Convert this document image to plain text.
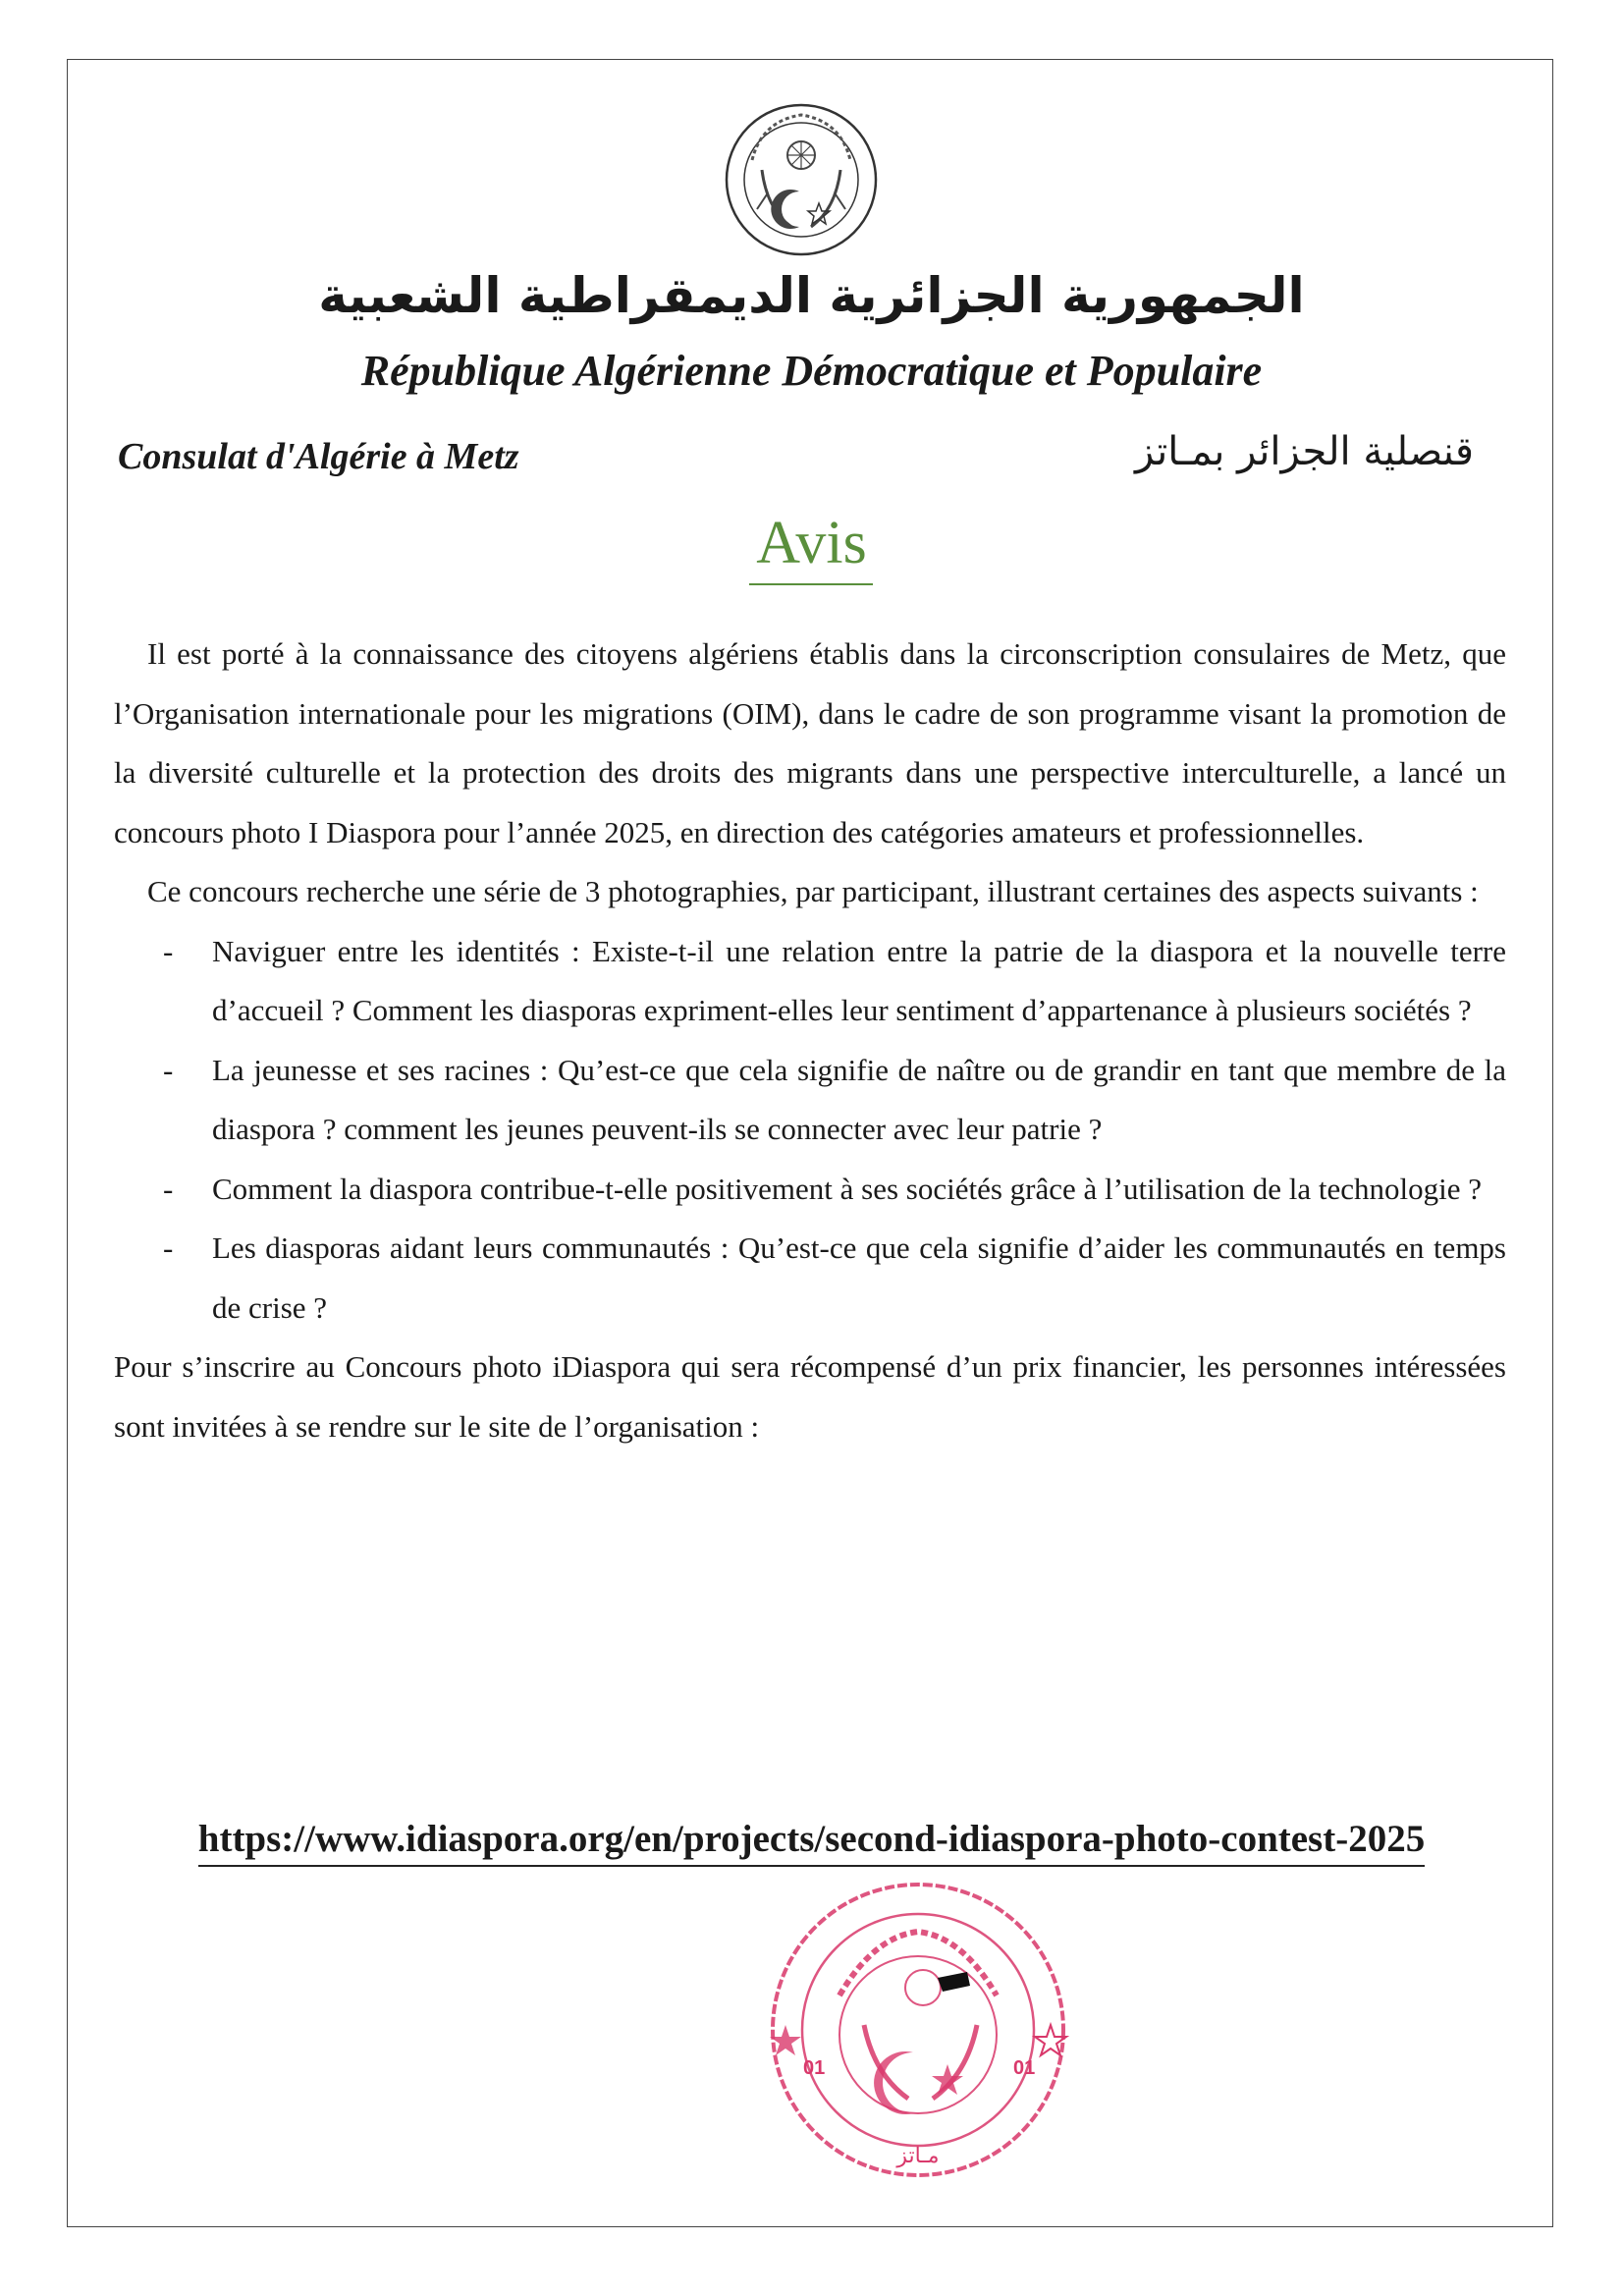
الجمهورية الجزائرية الديمقراطية الشعبية
République Algérienne Démocratique et Populaire
Consulat d'Algérie à Metz	قنصلية الجزائر بمـاتز
Avis

Il est porté à la connaissance des citoyens algériens établis dans la circonscription consulaires de Metz, que l’Organisation internationale pour les migrations (OIM), dans le cadre de son programme visant la promotion de la diversité culturelle et la protection des droits des migrants dans une perspective interculturelle, a lancé un concours photo I Diaspora pour l’année 2025, en direction des catégories amateurs et professionnelles.

Ce concours recherche une série de 3 photographies, par participant, illustrant certaines des aspects suivants :

- Naviguer entre les identités : Existe-t-il une relation entre la patrie de la diaspora et la nouvelle terre d’accueil ? Comment les diasporas expriment-elles leur sentiment d’appartenance à plusieurs sociétés ?
- La jeunesse et ses racines : Qu’est-ce que cela signifie de naître ou de grandir en tant que membre de la diaspora ? comment les jeunes peuvent-ils se connecter avec leur patrie ?
- Comment la diaspora contribue-t-elle positivement à ses sociétés grâce à l’utilisation de la technologie ?
- Les diasporas aidant leurs communautés : Qu’est-ce que cela signifie d’aider les communautés en temps de crise ?

Pour s’inscrire au Concours photo iDiaspora qui sera récompensé d’un prix financier, les personnes intéressées sont invitées à se rendre sur le site de l’organisation :

https://www.idiaspora.org/en/projects/second-idiaspora-photo-contest-2025
01	01
مـاتز
